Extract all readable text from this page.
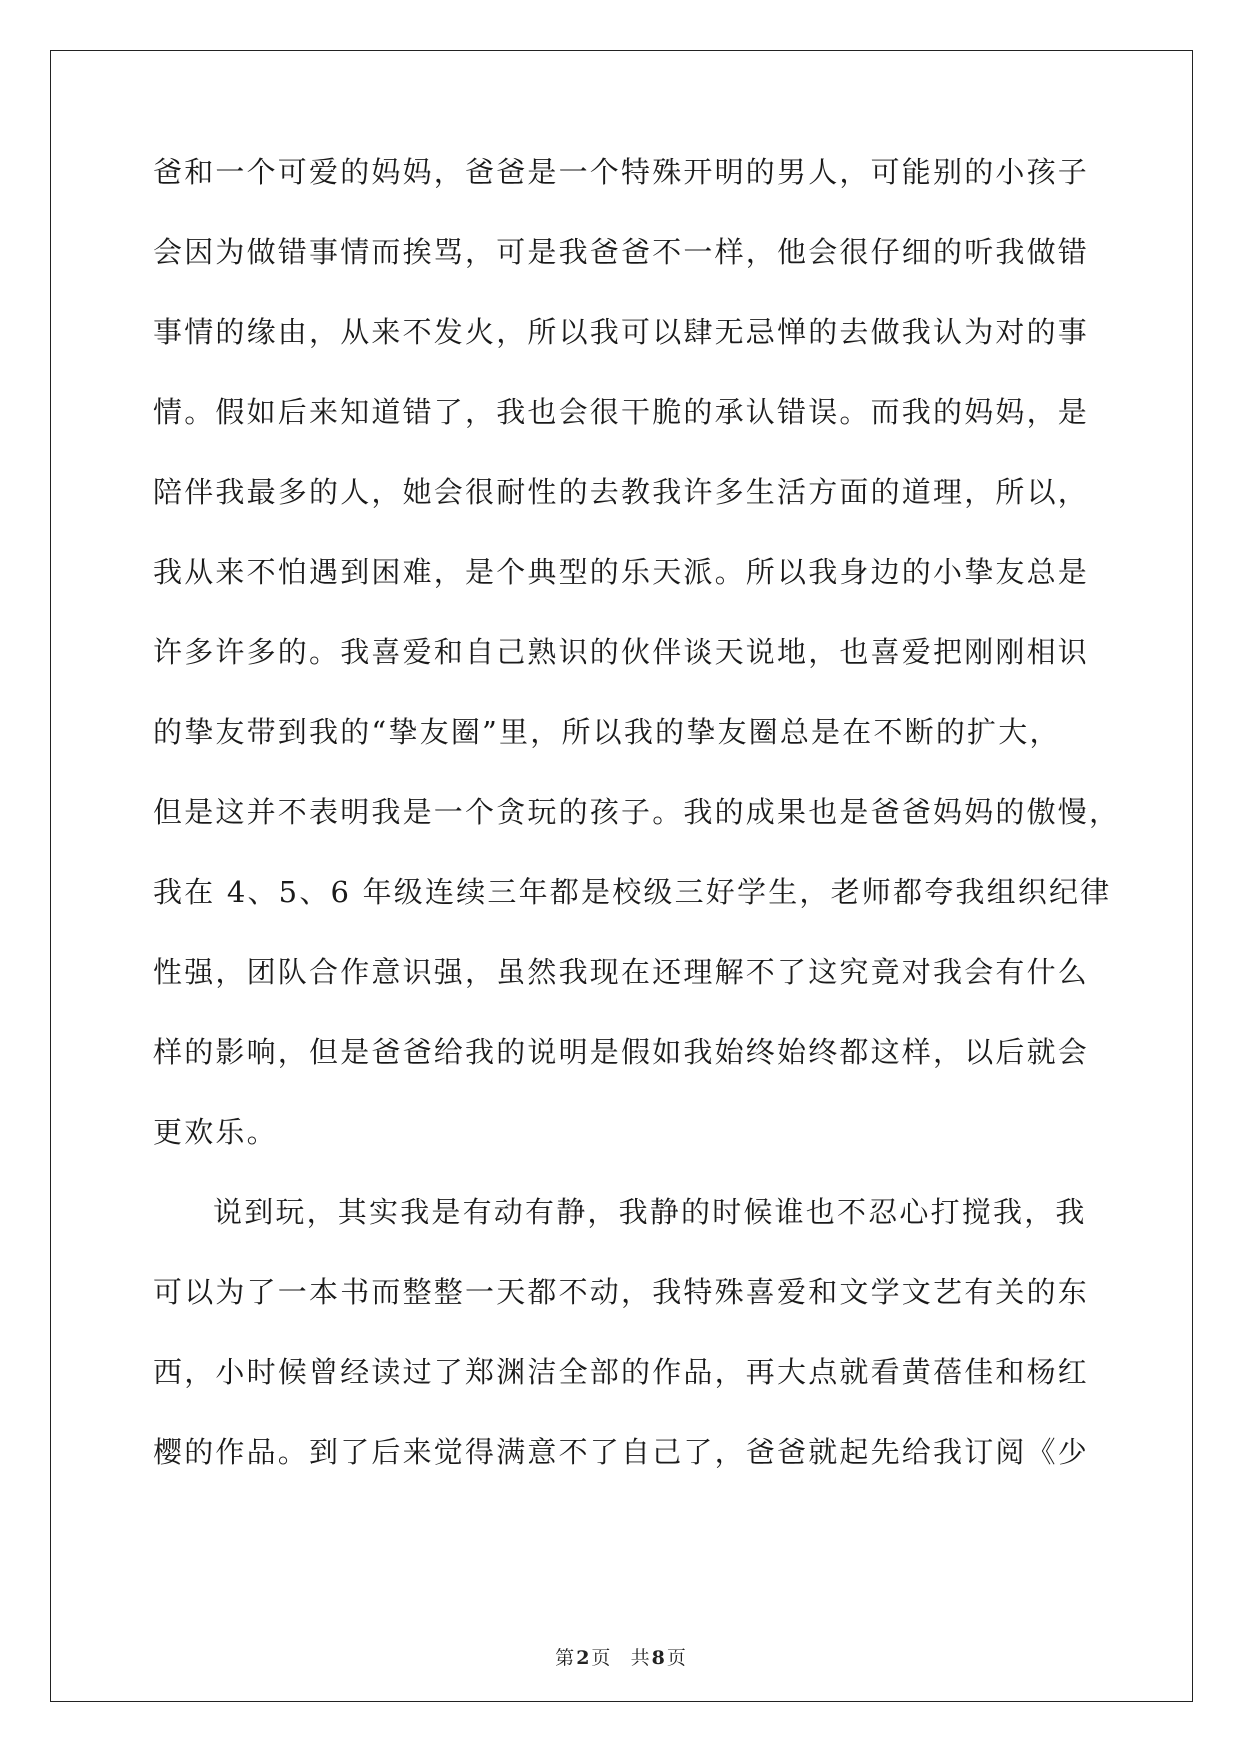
爸和一个可爱的妈妈，爸爸是一个特殊开明的男人，可能别的小孩子
会因为做错事情而挨骂，可是我爸爸不一样，他会很仔细的听我做错
事情的缘由，从来不发火，所以我可以肆无忌惮的去做我认为对的事
情。假如后来知道错了，我也会很干脆的承认错误。而我的妈妈，是
陪伴我最多的人，她会很耐性的去教我许多生活方面的道理，所以，
我从来不怕遇到困难，是个典型的乐天派。所以我身边的小挚友总是
许多许多的。我喜爱和自己熟识的伙伴谈天说地，也喜爱把刚刚相识
的挚友带到我的“挚友圈”里，所以我的挚友圈总是在不断的扩大，
但是这并不表明我是一个贪玩的孩子。我的成果也是爸爸妈妈的傲慢，
我在 4、5、6 年级连续三年都是校级三好学生，老师都夸我组织纪律
性强，团队合作意识强，虽然我现在还理解不了这究竟对我会有什么
样的影响，但是爸爸给我的说明是假如我始终始终都这样，以后就会
更欢乐。
说到玩，其实我是有动有静，我静的时候谁也不忍心打搅我，我
可以为了一本书而整整一天都不动，我特殊喜爱和文学文艺有关的东
西，小时候曾经读过了郑渊洁全部的作品，再大点就看黄蓓佳和杨红
樱的作品。到了后来觉得满意不了自己了，爸爸就起先给我订阅《少
第 2 页 共 8 页
